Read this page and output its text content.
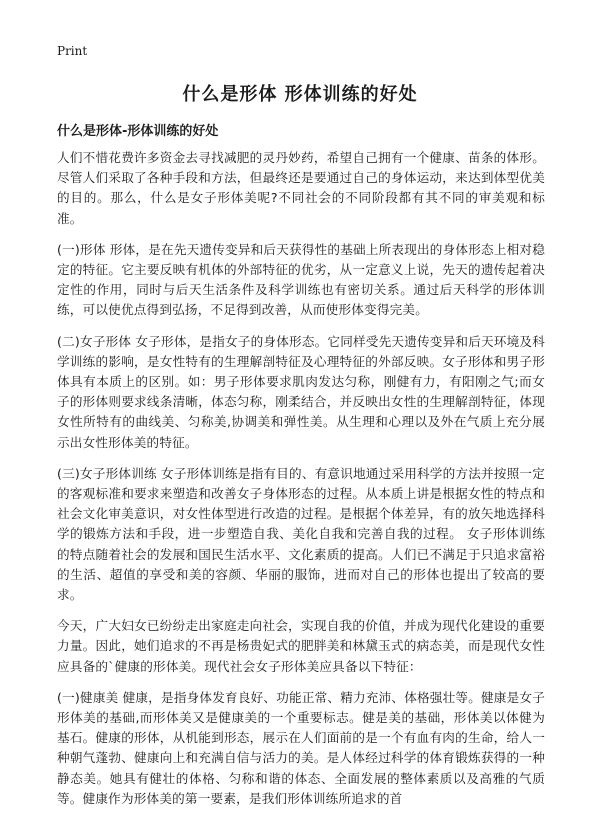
Print
什么是形体 形体训练的好处
什么是形体-形体训练的好处

人们不惜花费许多资金去寻找减肥的灵丹妙药，希望自己拥有一个健康、苗条的体形。尽管人们采取了各种手段和方法，但最终还是要通过自己的身体运动，来达到体型优美的目的。那么，什么是女子形体美呢?不同社会的不同阶段都有其不同的审美观和标准。

(一)形体 形体，是在先天遗传变异和后天获得性的基础上所表现出的身体形态上相对稳定的特征。它主要反映有机体的外部特征的优劣，从一定意义上说，先天的遗传起着决定性的作用，同时与后天生活条件及科学训练也有密切关系。通过后天科学的形体训练，可以使优点得到弘扬，不足得到改善，从而使形体变得完美。

(二)女子形体 女子形体，是指女子的身体形态。它同样受先天遗传变异和后天环境及科学训练的影响，是女性特有的生理解剖特征及心理特征的外部反映。女子形体和男子形体具有本质上的区别。如：男子形体要求肌肉发达匀称，刚健有力，有阳刚之气;而女子的形体则要求线条清晰，体态匀称，刚柔结合，并反映出女性的生理解剖特征，体现女性所特有的曲线美、匀称美,协调美和弹性美。从生理和心理以及外在气质上充分展示出女性形体美的特征。

(三)女子形体训练 女子形体训练是指有目的、有意识地通过采用科学的方法并按照一定的客观标准和要求来塑造和改善女子身体形态的过程。从本质上讲是根据女性的特点和社会文化审美意识，对女性体型进行改造的过程。是根据个体差异，有的放矢地选择科学的锻炼方法和手段，进一步塑造自我、美化自我和完善自我的过程。 女子形体训练的特点随着社会的发展和国民生活水平、文化素质的提高。人们已不满足于只追求富裕的生活、超值的享受和美的容颜、华丽的服饰，进而对自己的形体也提出了较高的要求。

今天，广大妇女已纷纷走出家庭走向社会，实现自我的价值，并成为现代化建设的重要力量。因此，她们追求的不再是杨贵妃式的肥胖美和林黛玉式的病态美，而是现代女性应具备的`健康的形体美。现代社会女子形体美应具备以下特征：

(一)健康美 健康，是指身体发育良好、功能正常、精力充沛、体格强壮等。健康是女子形体美的基础,而形体美又是健康美的一个重要标志。健是美的基础，形体美以体健为基石。健康的形体，从机能到形态，展示在人们面前的是一个有血有肉的生命，给人一种朝气蓬勃、健康向上和充满自信与活力的美。是人体经过科学的体育锻炼获得的一种静态美。她具有健壮的体格、匀称和谐的体态、全面发展的整体素质以及高雅的气质等。健康作为形体美的第一要素，是我们形体训练所追求的首
